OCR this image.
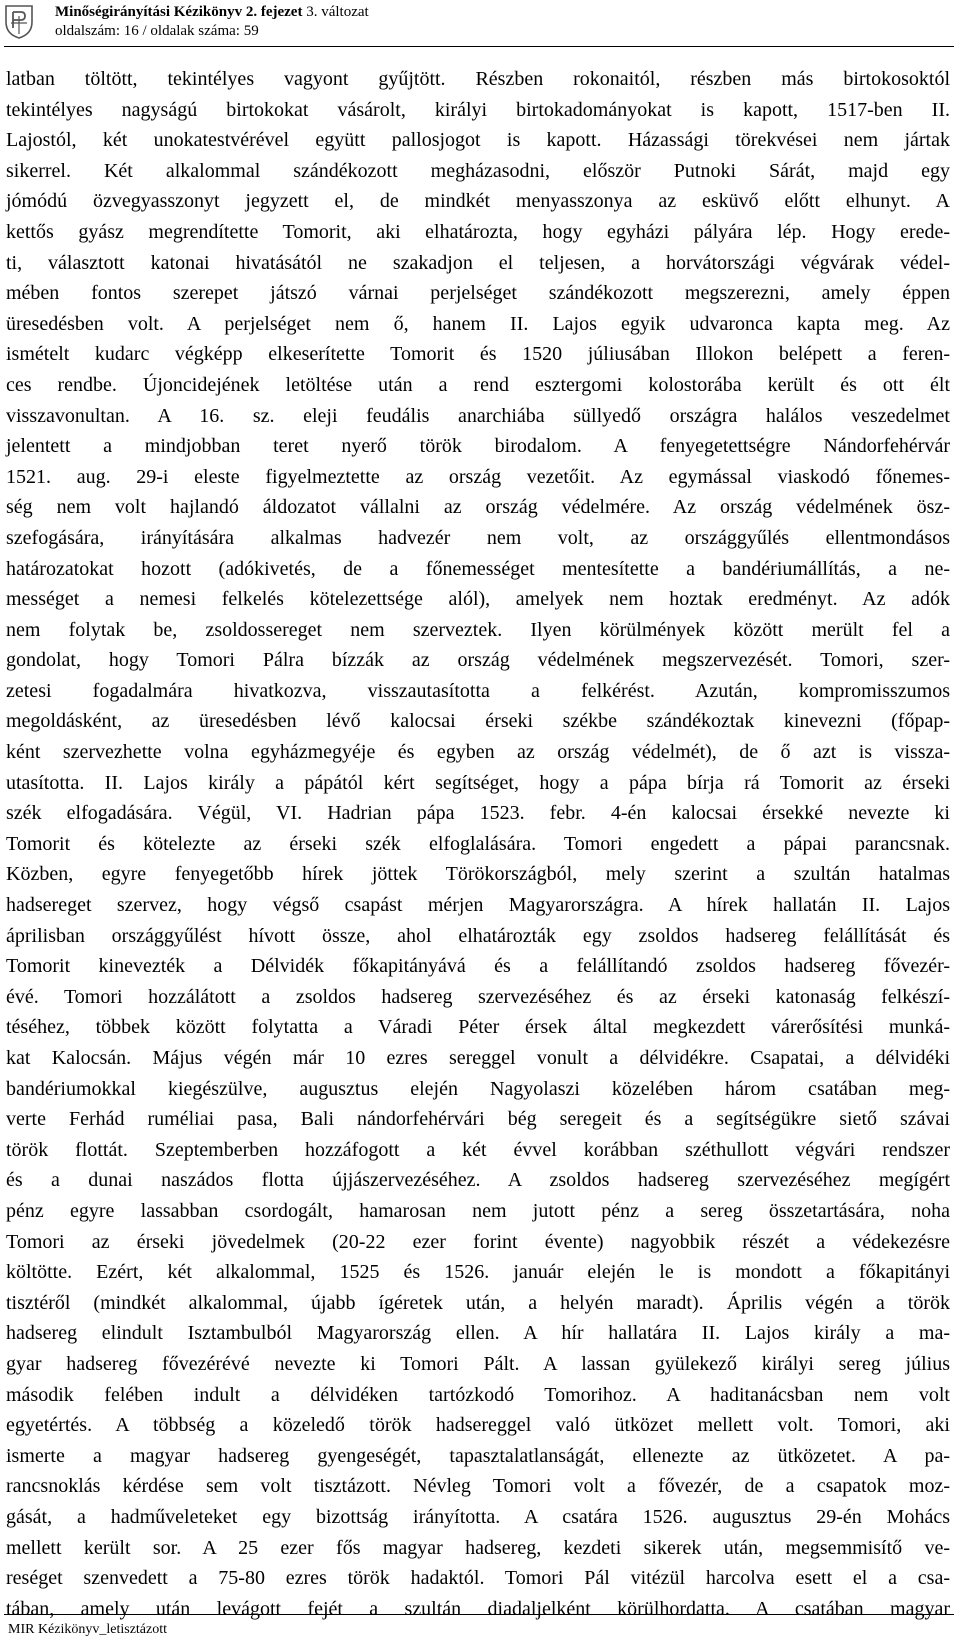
Minőségirányítási Kézikönyv 2. fejezet 3. változat
oldalszám: 16 / oldalak száma: 59
latban töltött, tekintélyes vagyont gyűjtött. Részben rokonaitól, részben más birtokosoktól
tekintélyes nagyságú birtokokat vásárolt, királyi birtokadományokat is kapott, 1517-ben II.
Lajostól, két unokatestvérével együtt pallosjogot is kapott. Házassági törekvései nem jártak
sikerrel. Két alkalommal szándékozott megházasodni, először Putnoki Sárát, majd egy
jómódú özvegyasszonyt jegyzett el, de mindkét menyasszonya az esküvő előtt elhunyt. A
kettős gyász megrendítette Tomorit, aki elhatározta, hogy egyházi pályára lép. Hogy erede-
ti, választott katonai hivatásától ne szakadjon el teljesen, a horvátországi végvárak védel-
mében fontos szerepet játszó várnai perjelséget szándékozott megszerezni, amely éppen
üresedésben volt. A perjelséget nem ő, hanem II. Lajos egyik udvaronca kapta meg. Az
ismételt kudarc végképp elkeserítette Tomorit és 1520 júliusában Illokon belépett a feren-
ces rendbe. Újoncidejének letöltése után a rend esztergomi kolostorába került és ott élt
visszavonultan. A 16. sz. eleji feudális anarchiába süllyedő országra halálos veszedelmet
jelentett a mindjobban teret nyerő török birodalom. A fenyegetettségre Nándorfehérvár
1521. aug. 29-i eleste figyelmeztette az ország vezetőit. Az egymással viaskodó főnemes-
ség nem volt hajlandó áldozatot vállalni az ország védelmére. Az ország védelmének ösz-
szefogására, irányítására alkalmas hadvezér nem volt, az országgyűlés ellentmondásos
határozatokat hozott (adókivetés, de a főnemességet mentesítette a bandériumállítás, a ne-
mességet a nemesi felkelés kötelezettsége alól), amelyek nem hoztak eredményt. Az adók
nem folytak be, zsoldossereget nem szerveztek. Ilyen körülmények között merült fel a
gondolat, hogy Tomori Pálra bízzák az ország védelmének megszervezését. Tomori, szer-
zetesi fogadalmára hivatkozva, visszautasította a felkérést. Azután, kompromisszumos
megoldásként, az üresedésben lévő kalocsai érseki székbe szándékoztak kinevezni (főpap-
ként szervezhette volna egyházmegyéje és egyben az ország védelmét), de ő azt is vissza-
utasította. II. Lajos király a pápától kért segítséget, hogy a pápa bírja rá Tomorit az érseki
szék elfogadására. Végül, VI. Hadrian pápa 1523. febr. 4-én kalocsai érsekké nevezte ki
Tomorit és kötelezte az érseki szék elfoglalására. Tomori engedett a pápai parancsnak.
Közben, egyre fenyegetőbb hírek jöttek Törökországból, mely szerint a szultán hatalmas
hadsereget szervez, hogy végső csapást mérjen Magyarországra. A hírek hallatán II. Lajos
áprilisban országgyűlést hívott össze, ahol elhatározták egy zsoldos hadsereg felállítását és
Tomorit kinevezték a Délvidék főkapitányává és a felállítandó zsoldos hadsereg fővezér-
évé. Tomori hozzálátott a zsoldos hadsereg szervezéséhez és az érseki katonaság felkészí-
téséhez, többek között folytatta a Váradi Péter érsek által megkezdett várerősítési munká-
kat Kalocsán. Május végén már 10 ezres sereggel vonult a délvidékre. Csapatai, a délvidéki
bandériumokkal kiegészülve, augusztus elején Nagyolaszi közelében három csatában meg-
verte Ferhád ruméliai pasa, Bali nándorfehérvári bég seregeit és a segítségükre siető szávai
török flottát. Szeptemberben hozzáfogott a két évvel korábban széthullott végvári rendszer
és a dunai naszádos flotta újjászervezéséhez. A zsoldos hadsereg szervezéséhez megígért
pénz egyre lassabban csordogált, hamarosan nem jutott pénz a sereg összetartására, noha
Tomori az érseki jövedelmek (20-22 ezer forint évente) nagyobbik részét a védekezésre
költötte. Ezért, két alkalommal, 1525 és 1526. január elején le is mondott a főkapitányi
tisztéről (mindkét alkalommal, újabb ígéretek után, a helyén maradt). Április végén a török
hadsereg elindult Isztambulból Magyarország ellen. A hír hallatára II. Lajos király a ma-
gyar hadsereg fővezérévé nevezte ki Tomori Pált. A lassan gyülekező királyi sereg július
második felében indult a délvidéken tartózkodó Tomorihoz. A haditanácsban nem volt
egyetértés. A többség a közeledő török hadsereggel való ütközet mellett volt. Tomori, aki
ismerte a magyar hadsereg gyengeségét, tapasztalatlanságát, ellenezte az ütközetet. A pa-
rancsnoklás kérdése sem volt tisztázott. Névleg Tomori volt a fővezér, de a csapatok moz-
gását, a hadműveleteket egy bizottság irányította. A csatára 1526. augusztus 29-én Mohács
mellett került sor. A 25 ezer fős magyar hadsereg, kezdeti sikerek után, megsemmisítő ve-
reséget szenvedett a 75-80 ezres török hadaktól. Tomori Pál vitézül harcolva esett el a csa-
tában, amely után levágott fejét a szultán diadaljelként körülhordatta. A csatában magyar
MIR Kézikönyv_letisztázott
